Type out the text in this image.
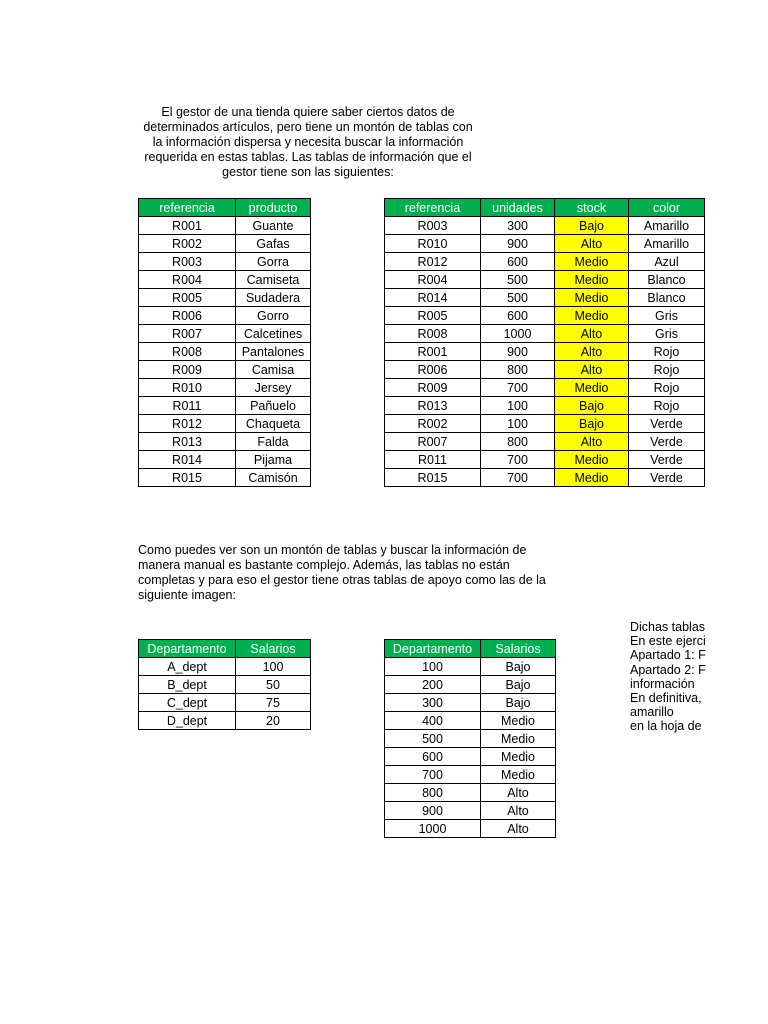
El gestor de una tienda quiere saber ciertos datos de
determinados artículos, pero tiene un montón de tablas con
la información dispersa y necesita buscar la información
requerida en estas tablas. Las tablas de información que el
gestor tiene son las siguientes:
referencia	producto
R001	Guante
R002	Gafas
R003	Gorra
R004	Camiseta
R005	Sudadera
R006	Gorro
R007	Calcetines
R008	Pantalones
R009	Camisa
R010	Jersey
R011	Pañuelo
R012	Chaqueta
R013	Falda
R014	Pijama
R015	Camisón
referencia	unidades	stock	color
R003	300	Bajo	Amarillo
R010	900	Alto	Amarillo
R012	600	Medio	Azul
R004	500	Medio	Blanco
R014	500	Medio	Blanco
R005	600	Medio	Gris
R008	1000	Alto	Gris
R001	900	Alto	Rojo
R006	800	Alto	Rojo
R009	700	Medio	Rojo
R013	100	Bajo	Rojo
R002	100	Bajo	Verde
R007	800	Alto	Verde
R011	700	Medio	Verde
R015	700	Medio	Verde
Como puedes ver son un montón de tablas y buscar la información de
manera manual es bastante complejo. Además, las tablas no están
completas y para eso el gestor tiene otras tablas de apoyo como las de la
siguiente imagen:
Departamento	Salarios
A_dept	100
B_dept	50
C_dept	75
D_dept	20
Departamento	Salarios
100	Bajo
200	Bajo
300	Bajo
400	Medio
500	Medio
600	Medio
700	Medio
800	Alto
900	Alto
1000	Alto
Dichas tablas
En este ejerci
Apartado 1: F
Apartado 2: F
información
En definitiva,
amarillo
en la hoja de
